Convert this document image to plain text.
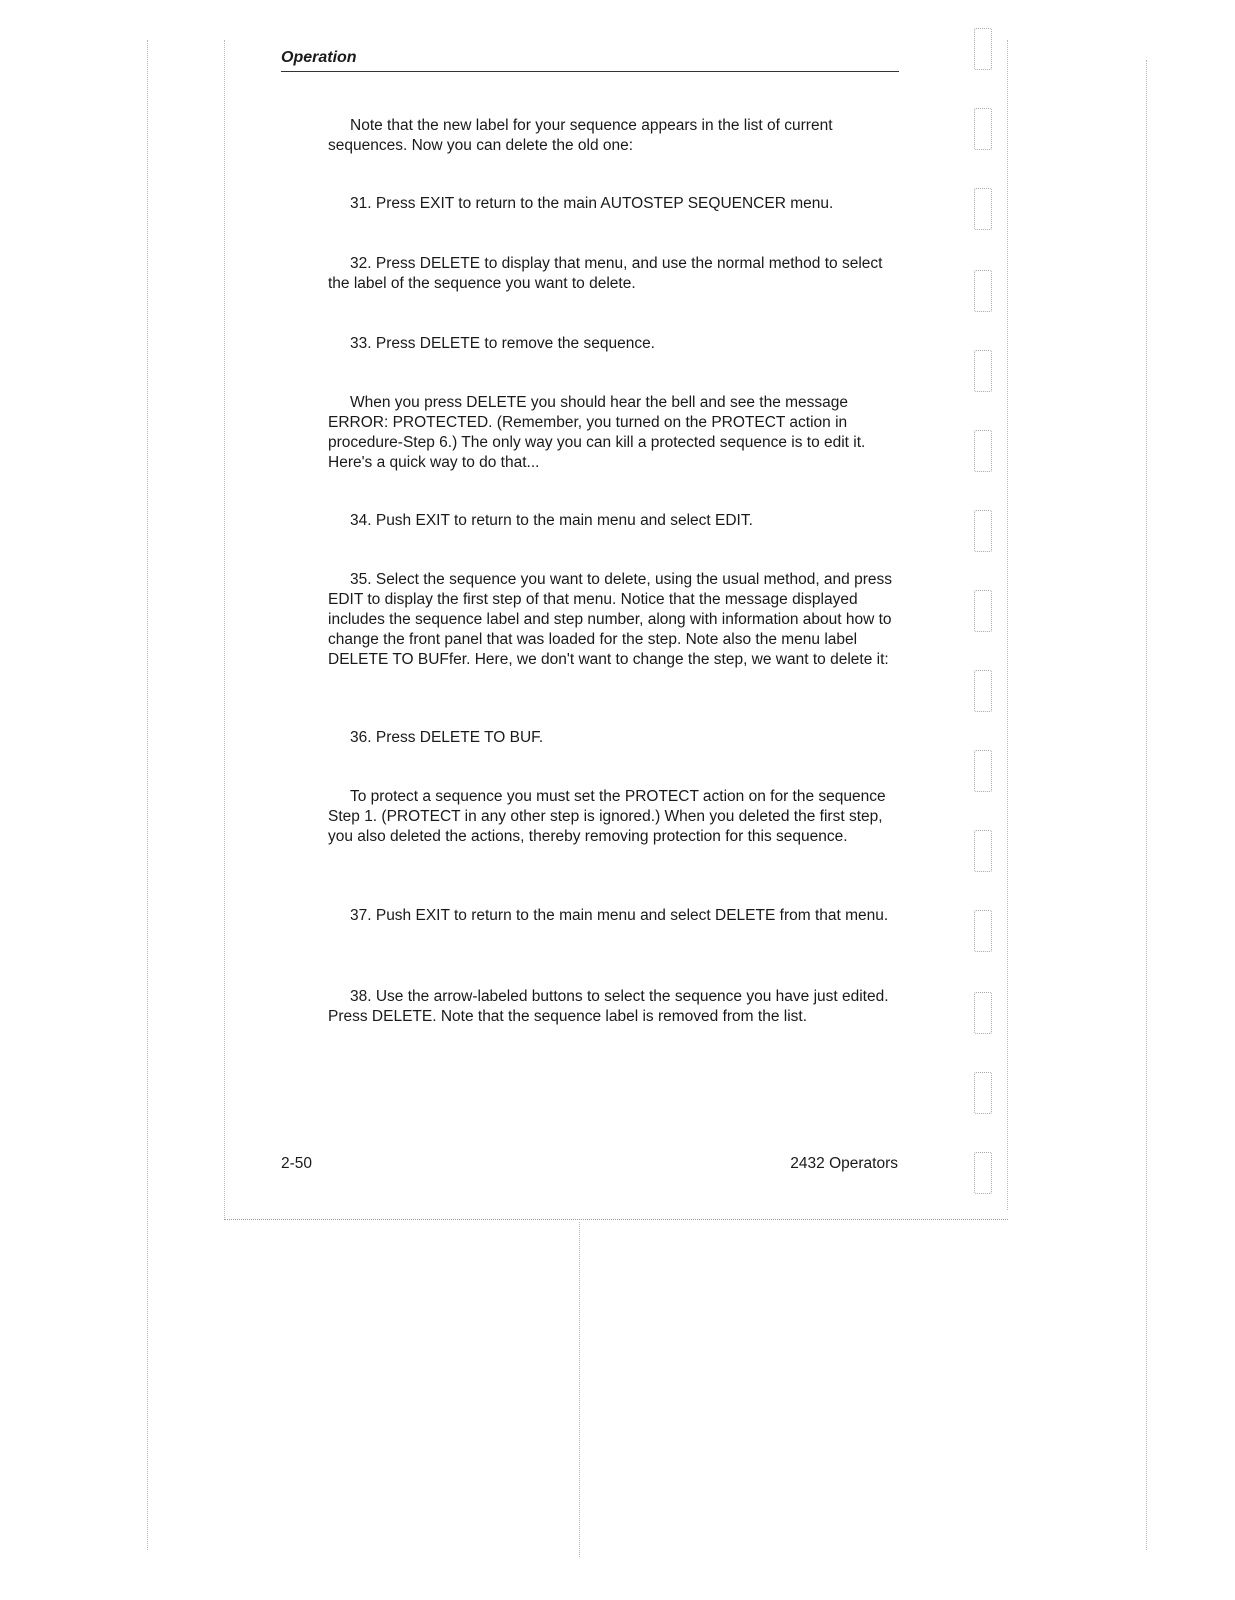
Operation

Note that the new label for your sequence appears in the list of current sequences. Now you can delete the old one:

31. Press EXIT to return to the main AUTOSTEP SEQUENCER menu.

32. Press DELETE to display that menu, and use the normal method to select the label of the sequence you want to delete.

33. Press DELETE to remove the sequence.

When you press DELETE you should hear the bell and see the message ERROR: PROTECTED. (Remember, you turned on the PROTECT action in procedure-Step 6.) The only way you can kill a protected sequence is to edit it. Here's a quick way to do that...

34. Push EXIT to return to the main menu and select EDIT.

35. Select the sequence you want to delete, using the usual method, and press EDIT to display the first step of that menu. Notice that the message displayed includes the sequence label and step number, along with information about how to change the front panel that was loaded for the step. Note also the menu label DELETE TO BUFfer. Here, we don't want to change the step, we want to delete it:

36. Press DELETE TO BUF.

To protect a sequence you must set the PROTECT action on for the sequence Step 1. (PROTECT in any other step is ignored.) When you deleted the first step, you also deleted the actions, thereby removing protection for this sequence.

37. Push EXIT to return to the main menu and select DELETE from that menu.

38. Use the arrow-labeled buttons to select the sequence you have just edited. Press DELETE. Note that the sequence label is removed from the list.

2-50	2432 Operators
